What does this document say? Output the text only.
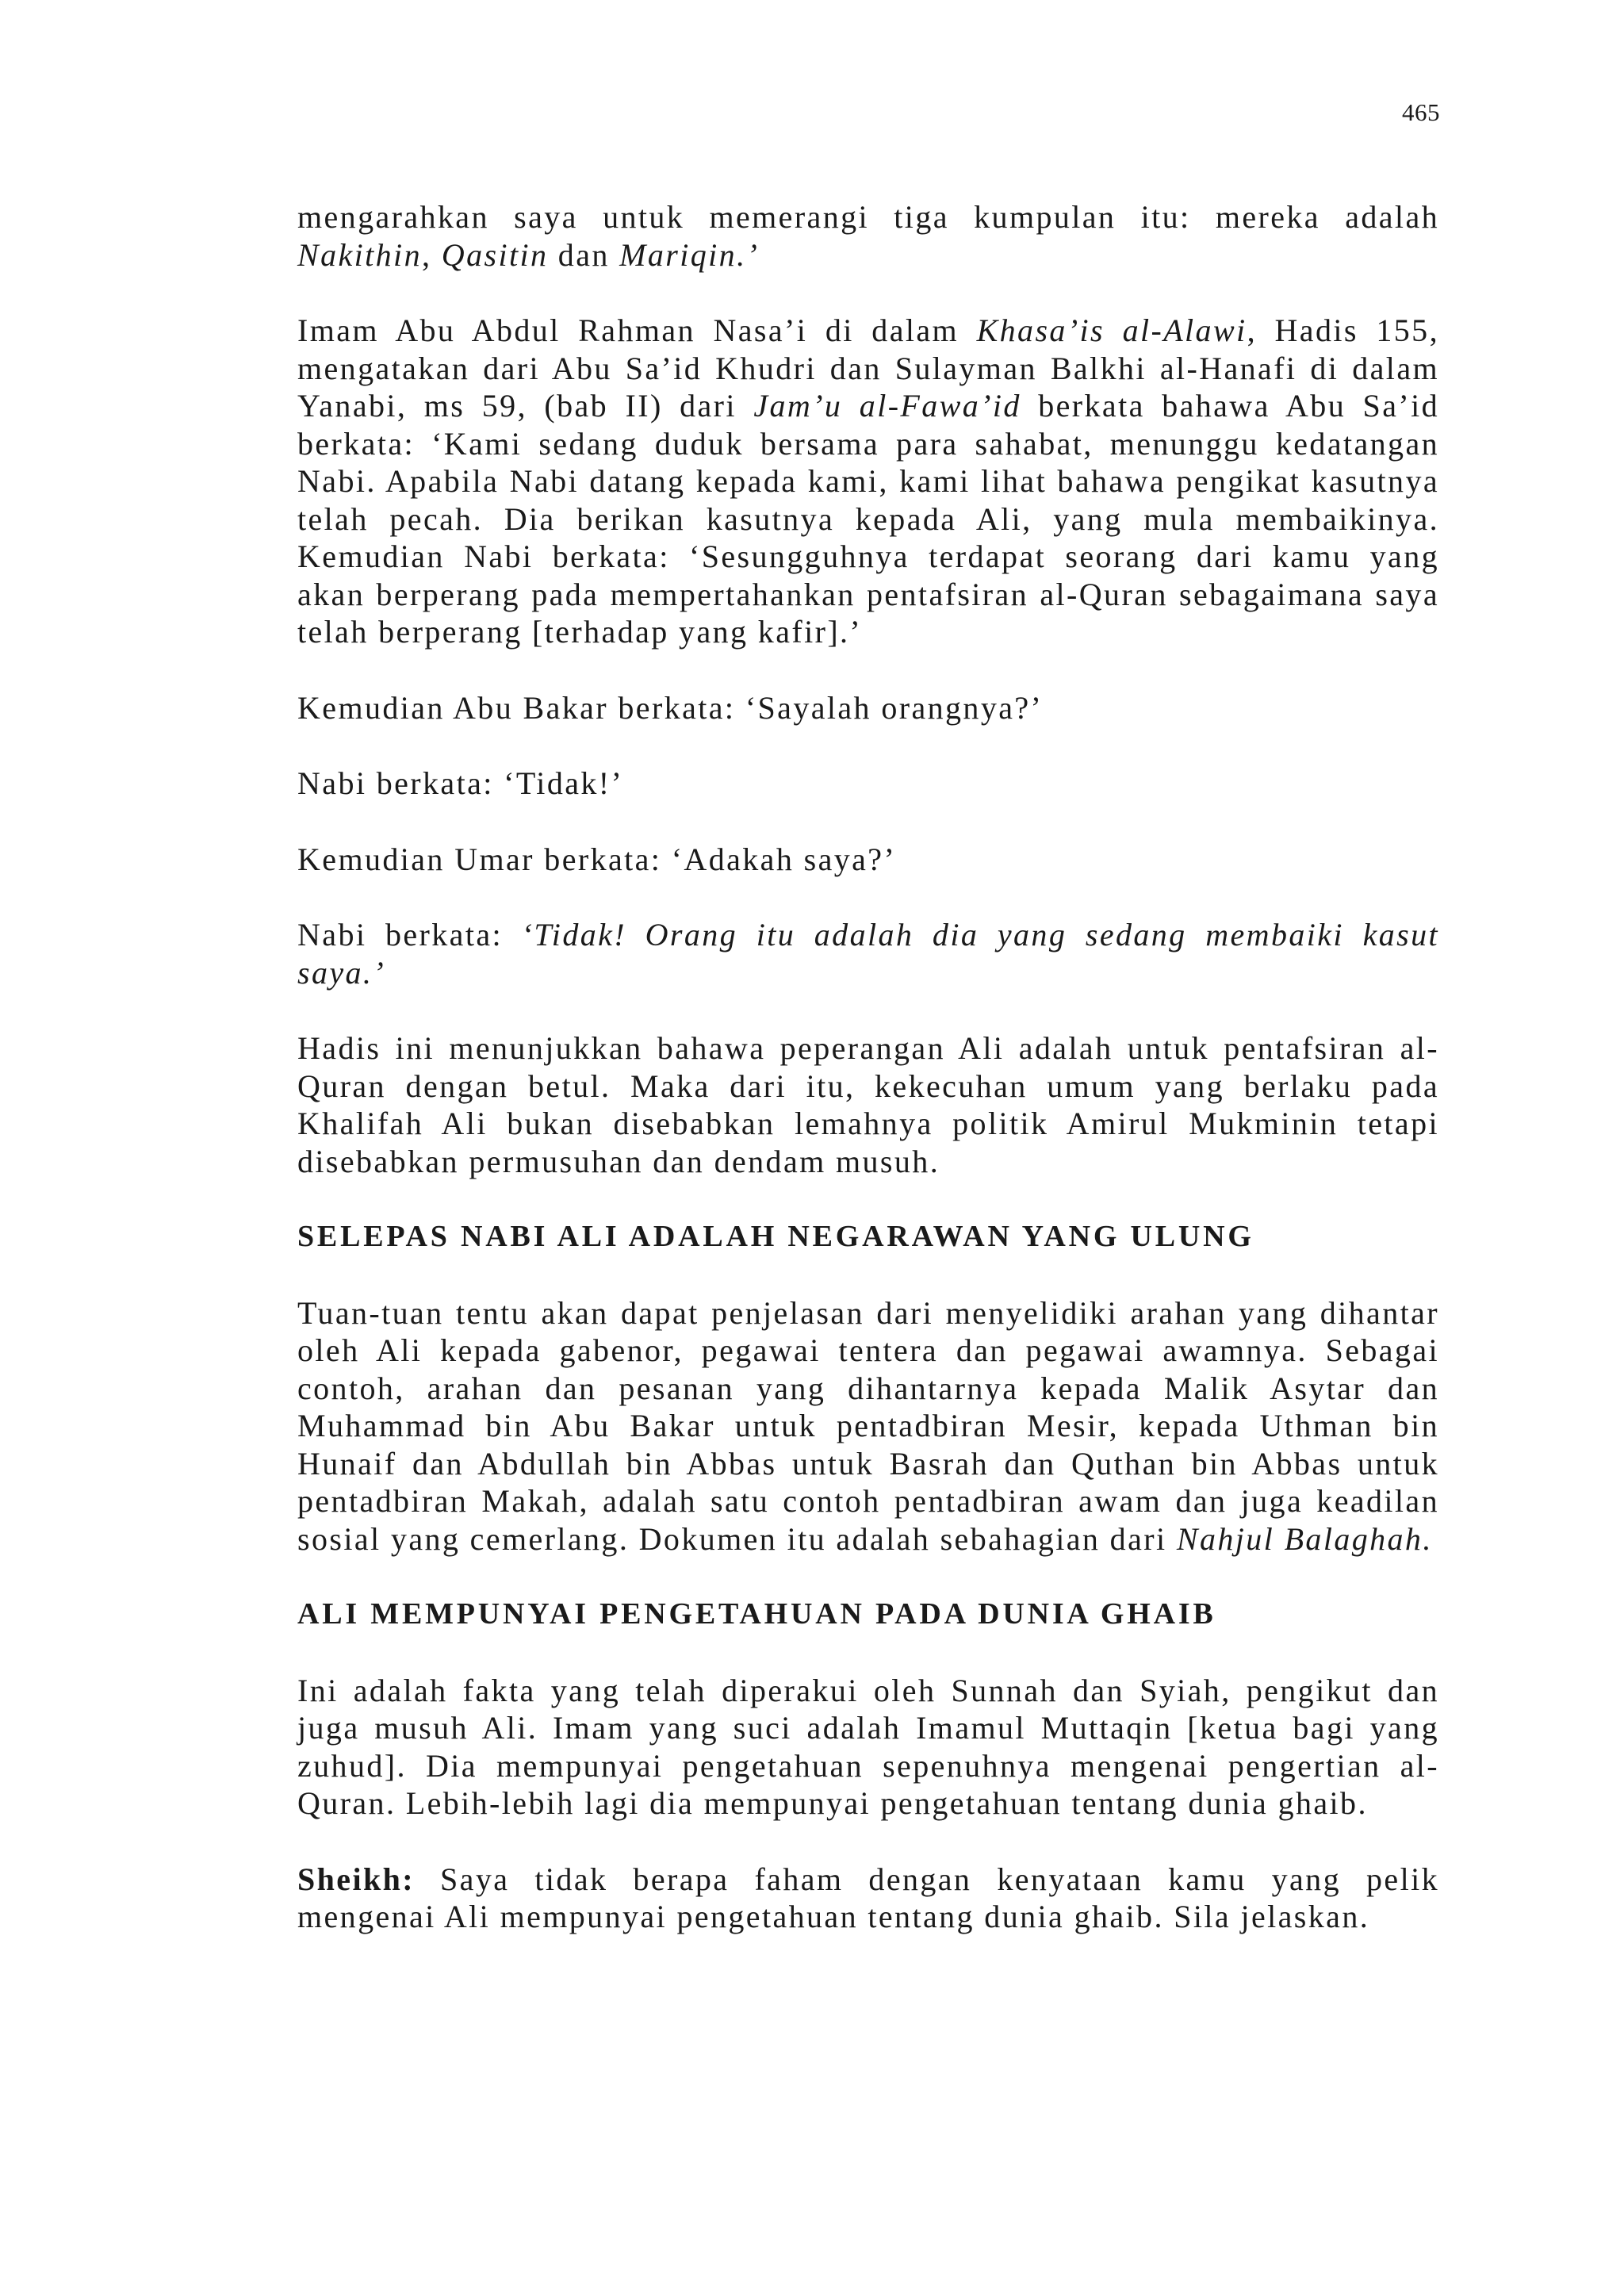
465

mengarahkan saya untuk memerangi tiga kumpulan itu: mereka adalah Nakithin, Qasitin dan Mariqin.’

Imam Abu Abdul Rahman Nasa’i di dalam Khasa’is al-Alawi, Hadis 155, mengatakan dari Abu Sa’id Khudri dan Sulayman Balkhi al-Hanafi di dalam Yanabi, ms 59, (bab II) dari Jam’u al-Fawa’id berkata bahawa Abu Sa’id berkata: ‘Kami sedang duduk bersama para sahabat, menunggu kedatangan Nabi. Apabila Nabi datang kepada kami, kami lihat bahawa pengikat kasutnya telah pecah. Dia berikan kasutnya kepada Ali, yang mula membaikinya. Kemudian Nabi berkata: ‘Sesungguhnya terdapat seorang dari kamu yang akan berperang pada mempertahankan pentafsiran al-Quran sebagaimana saya telah berperang [terhadap yang kafir].’

Kemudian Abu Bakar berkata: ‘Sayalah orangnya?’

Nabi berkata: ‘Tidak!’

Kemudian Umar berkata: ‘Adakah saya?’

Nabi berkata: ‘Tidak! Orang itu adalah dia yang sedang membaiki kasut saya.’

Hadis ini menunjukkan bahawa peperangan Ali adalah untuk pentafsiran al-Quran dengan betul. Maka dari itu, kekecuhan umum yang berlaku pada Khalifah Ali bukan disebabkan lemahnya politik Amirul Mukminin tetapi disebabkan permusuhan dan dendam musuh.

SELEPAS NABI ALI ADALAH NEGARAWAN YANG ULUNG

Tuan-tuan tentu akan dapat penjelasan dari menyelidiki arahan yang dihantar oleh Ali kepada gabenor, pegawai tentera dan pegawai awamnya. Sebagai contoh, arahan dan pesanan yang dihantarnya kepada Malik Asytar dan Muhammad bin Abu Bakar untuk pentadbiran Mesir, kepada Uthman bin Hunaif dan Abdullah bin Abbas untuk Basrah dan Quthan bin Abbas untuk pentadbiran Makah, adalah satu contoh pentadbiran awam dan juga keadilan sosial yang cemerlang. Dokumen itu adalah sebahagian dari Nahjul Balaghah.

ALI MEMPUNYAI PENGETAHUAN PADA DUNIA GHAIB

Ini adalah fakta yang telah diperakui oleh Sunnah dan Syiah, pengikut dan juga musuh Ali. Imam yang suci adalah Imamul Muttaqin [ketua bagi yang zuhud]. Dia mempunyai pengetahuan sepenuhnya mengenai pengertian al-Quran. Lebih-lebih lagi dia mempunyai pengetahuan tentang dunia ghaib.

Sheikh: Saya tidak berapa faham dengan kenyataan kamu yang pelik mengenai Ali mempunyai pengetahuan tentang dunia ghaib. Sila jelaskan.
